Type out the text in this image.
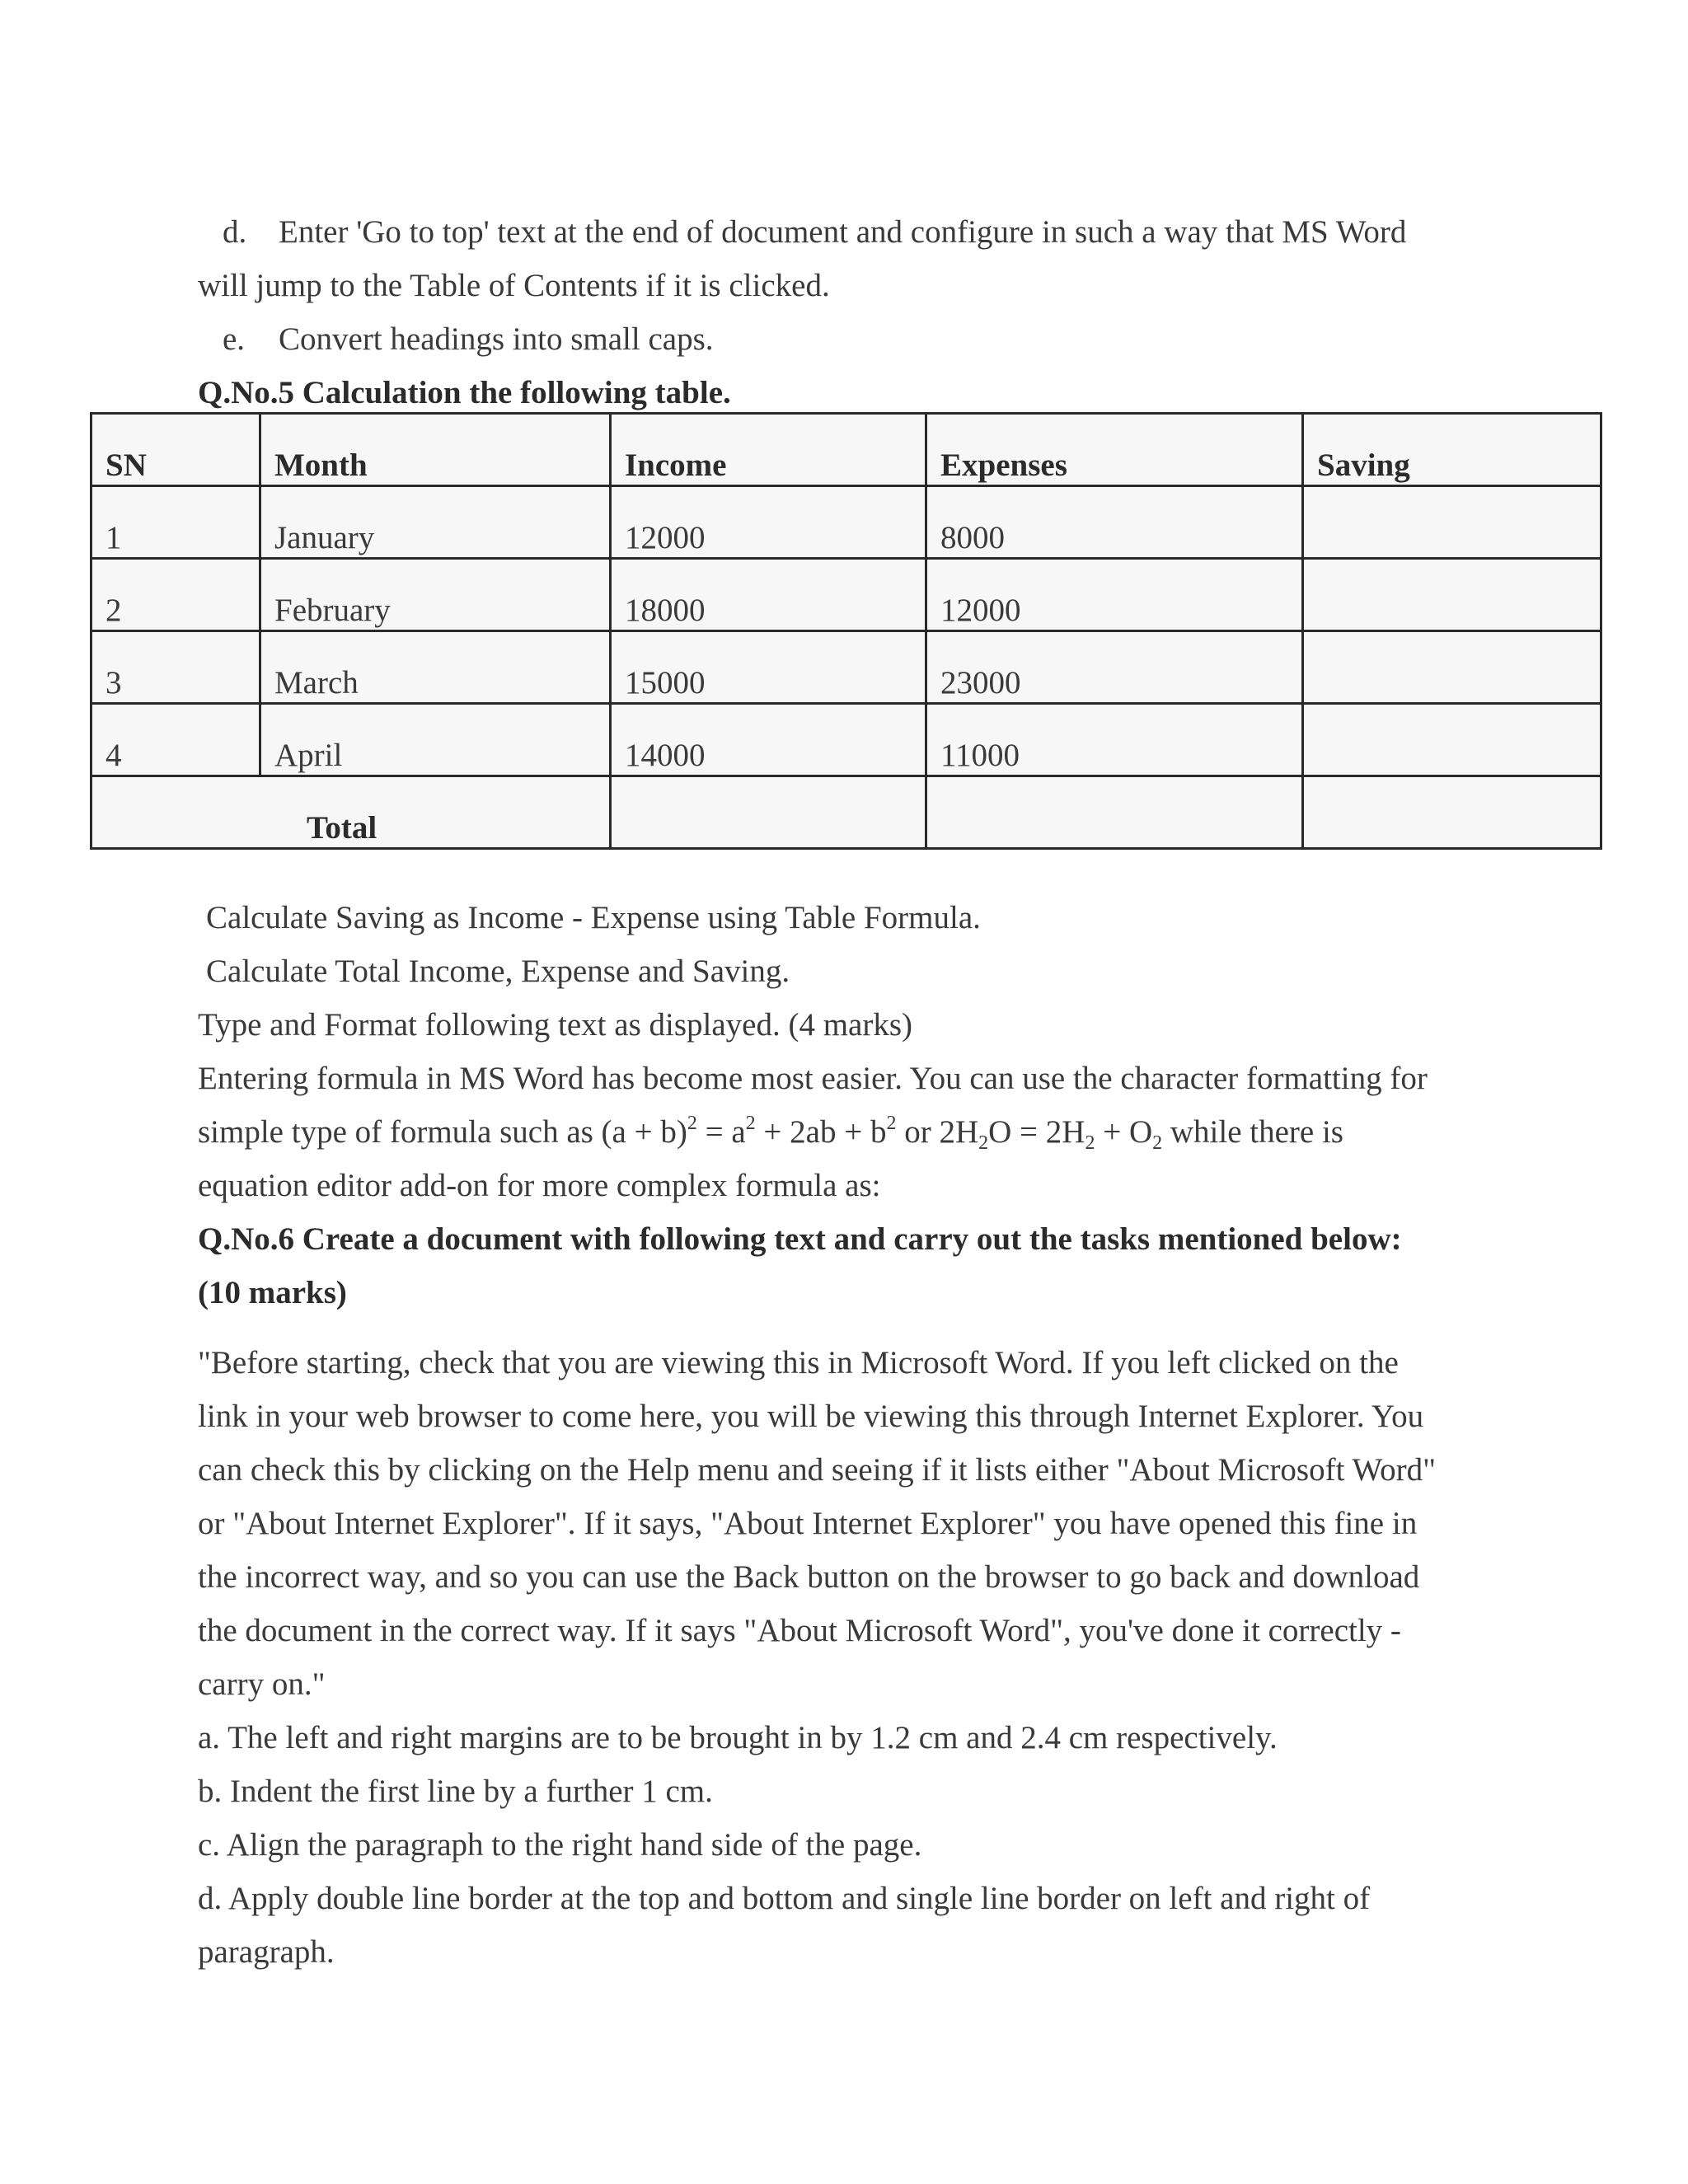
d. Enter 'Go to top' text at the end of document and configure in such a way that MS Word
will jump to the Table of Contents if it is clicked.
e. Convert headings into small caps.
Q.No.5 Calculation the following table.
SN	Month	Income	Expenses	Saving
1	January	12000	8000	
2	February	18000	12000	
3	March	15000	23000	
4	April	14000	11000	
Total				
Calculate Saving as Income - Expense using Table Formula.
Calculate Total Income, Expense and Saving.
Type and Format following text as displayed. (4 marks)
Entering formula in MS Word has become most easier. You can use the character formatting for
simple type of formula such as $(a + b)^2 = a^2 + 2ab + b^2$ or $2H_2O = 2H_2 + O_2$ while there is
equation editor add-on for more complex formula as:
Q.No.6 Create a document with following text and carry out the tasks mentioned below:
(10 marks)
"Before starting, check that you are viewing this in Microsoft Word. If you left clicked on the
link in your web browser to come here, you will be viewing this through Internet Explorer. You
can check this by clicking on the Help menu and seeing if it lists either "About Microsoft Word"
or "About Internet Explorer". If it says, "About Internet Explorer" you have opened this fine in
the incorrect way, and so you can use the Back button on the browser to go back and download
the document in the correct way. If it says "About Microsoft Word", you've done it correctly -
carry on."
a. The left and right margins are to be brought in by 1.2 cm and 2.4 cm respectively.
b. Indent the first line by a further 1 cm.
c. Align the paragraph to the right hand side of the page.
d. Apply double line border at the top and bottom and single line border on left and right of
paragraph.
